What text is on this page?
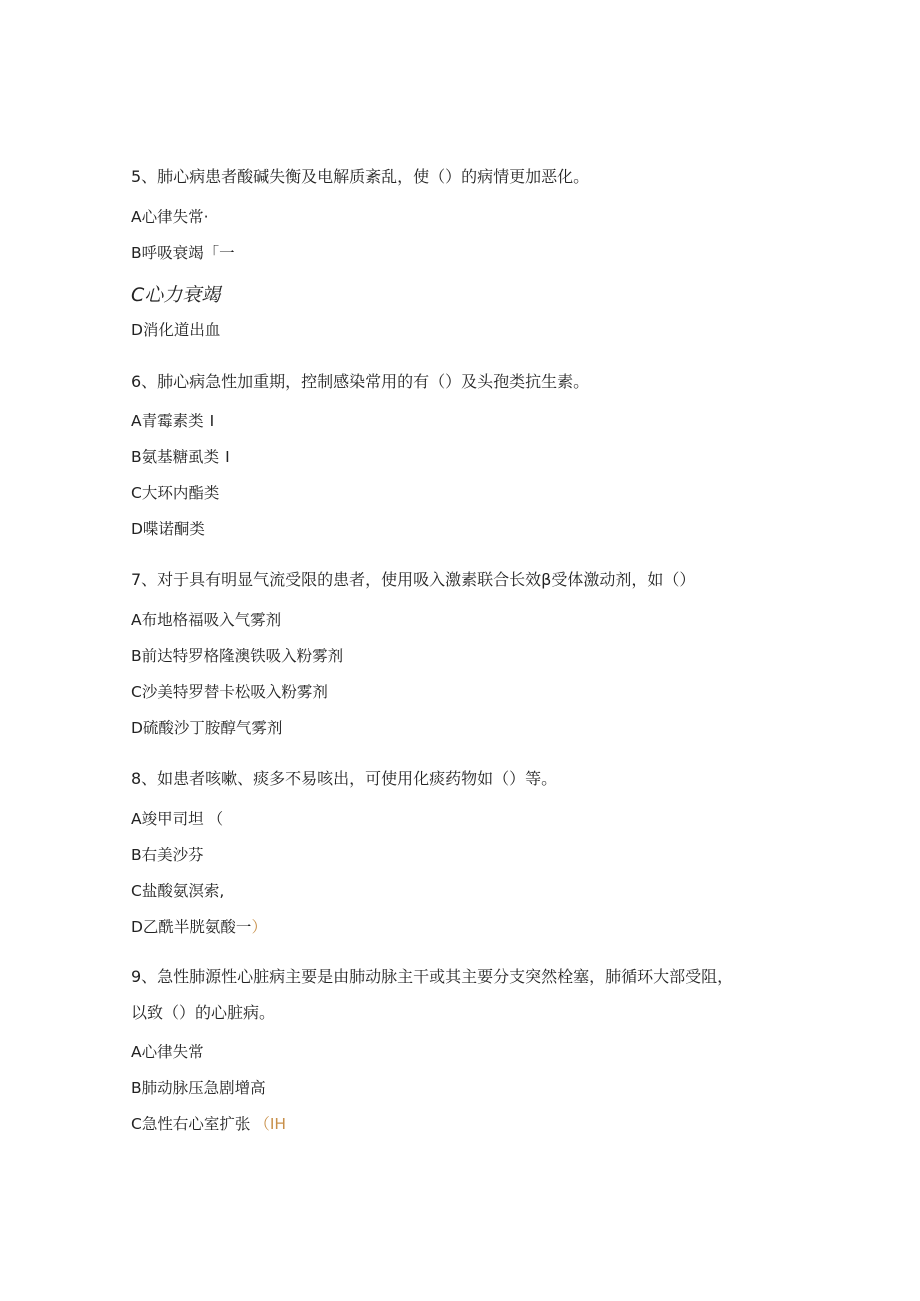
5、肺心病患者酸碱失衡及电解质紊乱，使（）的病情更加恶化。
A心律失常·
B呼吸衰竭「一
C心力衰竭
D消化道出血
6、肺心病急性加重期，控制感染常用的有（）及头孢类抗生素。
A青霉素类 I
B氨基糖虱类 I
C大环内酯类
D喋诺酮类
7、对于具有明显气流受限的患者，使用吸入激素联合长效β受体激动剂，如（）
A布地格福吸入气雾剂
B前达特罗格隆澳铁吸入粉雾剂
C沙美特罗替卡松吸入粉雾剂
D硫酸沙丁胺醇气雾剂
8、如患者咳嗽、痰多不易咳出，可使用化痰药物如（）等。
A竣甲司坦 （
B右美沙芬
C盐酸氨溟索,
D乙酰半胱氨酸一）
9、急性肺源性心脏病主要是由肺动脉主干或其主要分支突然栓塞，肺循环大部受阻，
以致（）的心脏病。
A心律失常
B肺动脉压急剧增高
C急性右心室扩张 （IH
